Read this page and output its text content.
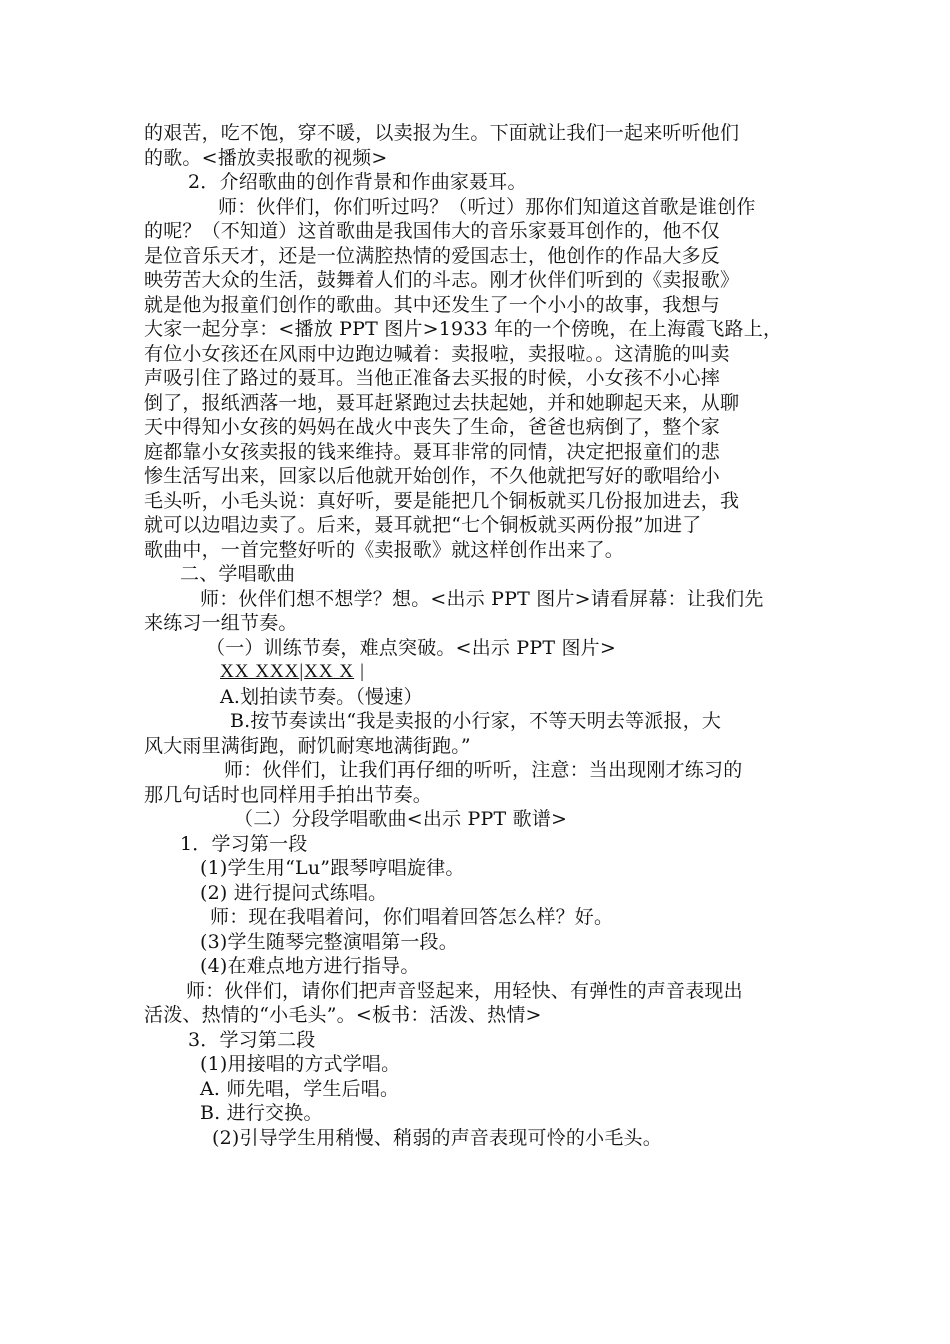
的艰苦，吃不饱，穿不暖，以卖报为生。下面就让我们一起来听听他们
的歌。<播放卖报歌的视频>
2．介绍歌曲的创作背景和作曲家聂耳。
师：伙伴们，你们听过吗？（听过）那你们知道这首歌是谁创作
的呢？（不知道）这首歌曲是我国伟大的音乐家聂耳创作的，他不仅
是位音乐天才，还是一位满腔热情的爱国志士，他创作的作品大多反
映劳苦大众的生活，鼓舞着人们的斗志。刚才伙伴们听到的《卖报歌》
就是他为报童们创作的歌曲。其中还发生了一个小小的故事，我想与
大家一起分享：<播放 PPT 图片>1933 年的一个傍晚，在上海霞飞路上，
有位小女孩还在风雨中边跑边喊着：卖报啦，卖报啦。。这清脆的叫卖
声吸引住了路过的聂耳。当他正准备去买报的时候，小女孩不小心摔
倒了，报纸洒落一地，聂耳赶紧跑过去扶起她，并和她聊起天来，从聊
天中得知小女孩的妈妈在战火中丧失了生命，爸爸也病倒了，整个家
庭都靠小女孩卖报的钱来维持。聂耳非常的同情，决定把报童们的悲
惨生活写出来，回家以后他就开始创作，不久他就把写好的歌唱给小
毛头听，小毛头说：真好听，要是能把几个铜板就买几份报加进去，我
就可以边唱边卖了。后来，聂耳就把“七个铜板就买两份报”加进了
歌曲中，一首完整好听的《卖报歌》就这样创作出来了。
二、学唱歌曲
师：伙伴们想不想学？想。<出示 PPT 图片>请看屏幕：让我们先
来练习一组节奏。
（一）训练节奏，难点突破。<出示 PPT 图片>
XX XXX|XX X |
A.划拍读节奏。（慢速）
B.按节奏读出“我是卖报的小行家，不等天明去等派报，大
风大雨里满街跑，耐饥耐寒地满街跑。”
师：伙伴们，让我们再仔细的听听，注意：当出现刚才练习的
那几句话时也同样用手拍出节奏。
（二）分段学唱歌曲<出示 PPT 歌谱>
1．学习第一段
(1)学生用“Lu”跟琴哼唱旋律。
(2) 进行提问式练唱。
师：现在我唱着问，你们唱着回答怎么样？好。
(3)学生随琴完整演唱第一段。
(4)在难点地方进行指导。
师：伙伴们，请你们把声音竖起来，用轻快、有弹性的声音表现出
活泼、热情的“小毛头”。<板书：活泼、热情>
3．学习第二段
(1)用接唱的方式学唱。
A. 师先唱，学生后唱。
B. 进行交换。
(2)引导学生用稍慢、稍弱的声音表现可怜的小毛头。
